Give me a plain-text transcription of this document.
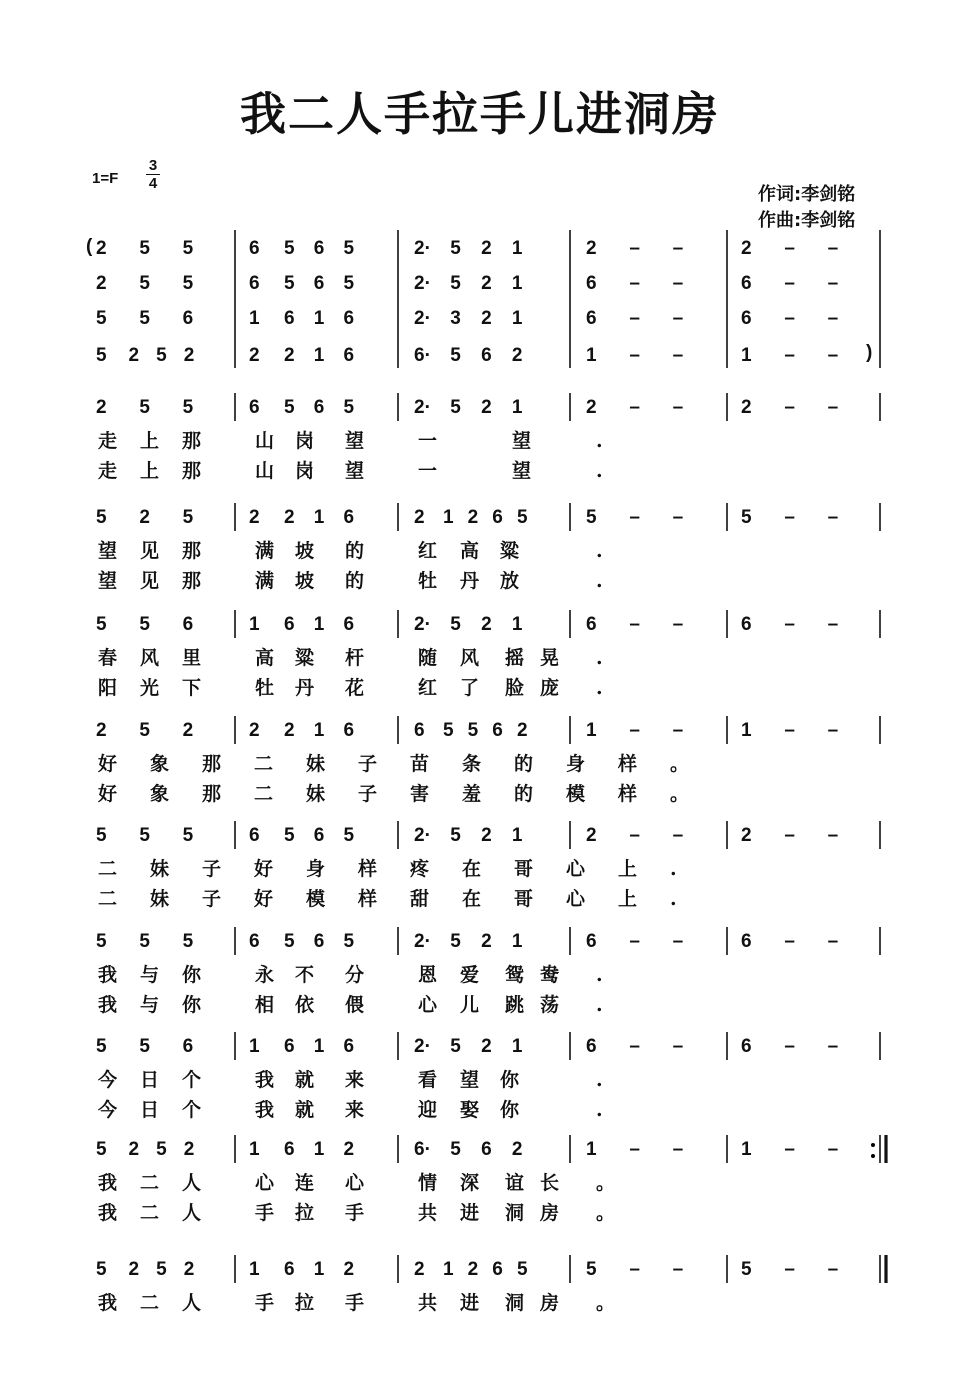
我二人手拉手儿进洞房
1=F
3
4
作词:李剑铭
作曲:李剑铭
(
)
2 5 5	6 5 6 5	2· 5 2 1	2 – –	2 – –
2 5 5	6 5 6 5	2· 5 2 1	6 – –	6 – –
5 5 6	1 6 1 6	2· 3 2 1	6 – –	6 – –
5 2 5 2	2 2 1 6	6· 5 6 2	1 – –	1 – –
2 5 5	6 5 6 5	2· 5 2 1	2 – –	2 – –
走 上 那	山 岗 望	一	望	.
走 上 那	山 岗 望	一	望	.
5 2 5	2 2 1 6	2 1 2 6 5	5 – –	5 – –
望 见 那	满 坡 的	红 高 粱	.
望 见 那	满 坡 的	牡 丹 放	.
5 5 6	1 6 1 6	2· 5 2 1	6 – –	6 – –
春 风 里	高 粱 杆	随 风 摇 晃 .
阳 光 下	牡 丹 花	红 了 脸 庞 .
2 5 2	2 2 1 6	6 5 5 6 2	1 – –	1 – –
好 象 那 二 妹 子 苗 条 的 身 样 。
好 象 那 二 妹 子 害 羞 的 模 样 。
5 5 5	6 5 6 5	2· 5 2 1	2 – –	2 – –
二 妹 子 好 身 样 疼 在 哥 心 上 .
二 妹 子 好 模 样 甜 在 哥 心 上 .
5 5 5	6 5 6 5	2· 5 2 1	6 – –	6 – –
我 与 你	永 不 分	恩 爱 鸳 鸯 .
我 与 你	相 依 偎	心 儿 跳 荡 .
5 5 6	1 6 1 6	2· 5 2 1	6 – –	6 – –
今 日 个	我 就 来	看 望 你	.
今 日 个	我 就 来	迎 娶 你	.
5 2 5 2	1 6 1 2	6· 5 6 2	1 – –	1 – –
我 二 人	心 连 心	情 深 谊 长 。
我 二 人	手 拉 手	共 进 洞 房 。
5 2 5 2	1 6 1 2	2 1 2 6 5	5 – –	5 – –
我 二 人	手 拉 手	共 进 洞 房 。
